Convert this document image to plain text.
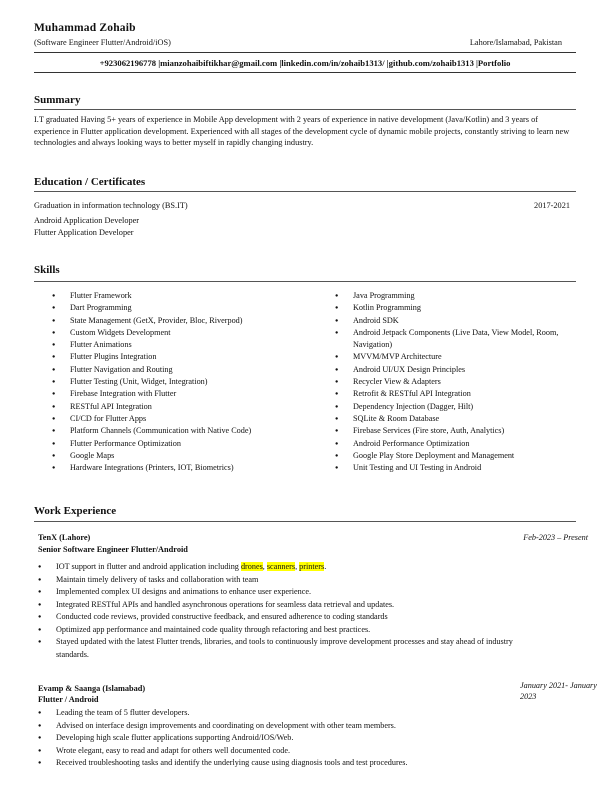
Muhammad Zohaib
(Software Engineer Flutter/Android/iOS)	Lahore/Islamabad, Pakistan
+923062196778 |mianzohaibiftikhar@gmail.com |linkedin.com/in/zohaib1313/ |github.com/zohaib1313 |Portfolio
Summary
I.T graduated Having 5+ years of experience in Mobile App development with 2 years of experience in native development (Java/Kotlin) and 3 years of experience in Flutter application development. Experienced with all stages of the development cycle of dynamic mobile projects, constantly striving to learn new technologies and always looking ways to better myself in rapidly changing industry.
Education / Certificates
Graduation in information technology (BS.IT)	2017-2021
Android Application Developer
Flutter Application Developer
Skills
● Flutter Framework
● Dart Programming
● State Management (GetX, Provider, Bloc, Riverpod)
● Custom Widgets Development
● Flutter Animations
● Flutter Plugins Integration
● Flutter Navigation and Routing
● Flutter Testing (Unit, Widget, Integration)
● Firebase Integration with Flutter
● RESTful API Integration
● CI/CD for Flutter Apps
● Platform Channels (Communication with Native Code)
● Flutter Performance Optimization
● Google Maps
● Hardware Integrations (Printers, IOT, Biometrics)
● Java Programming
● Kotlin Programming
● Android SDK
● Android Jetpack Components (Live Data, View Model, Room, Navigation)
● MVVM/MVP Architecture
● Android UI/UX Design Principles
● Recycler View & Adapters
● Retrofit & RESTful API Integration
● Dependency Injection (Dagger, Hilt)
● SQLite & Room Database
● Firebase Services (Fire store, Auth, Analytics)
● Android Performance Optimization
● Google Play Store Deployment and Management
● Unit Testing and UI Testing in Android
Work Experience
TenX (Lahore)
Senior Software Engineer Flutter/Android
Feb-2023 – Present
● IOT support in flutter and android application including drones, scanners, printers.
● Maintain timely delivery of tasks and collaboration with team
● Implemented complex UI designs and animations to enhance user experience.
● Integrated RESTful APIs and handled asynchronous operations for seamless data retrieval and updates.
● Conducted code reviews, provided constructive feedback, and ensured adherence to coding standards
● Optimized app performance and maintained code quality through refactoring and best practices.
● Stayed updated with the latest Flutter trends, libraries, and tools to continuously improve development processes and stay ahead of industry standards.
Evamp & Saanga (Islamabad)
Flutter / Android
January 2021- January 2023
● Leading the team of 5 flutter developers.
● Advised on interface design improvements and coordinating on development with other team members.
● Developing high scale flutter applications supporting Android/IOS/Web.
● Wrote elegant, easy to read and adapt for others well documented code.
● Received troubleshooting tasks and identify the underlying cause using diagnosis tools and test procedures.
